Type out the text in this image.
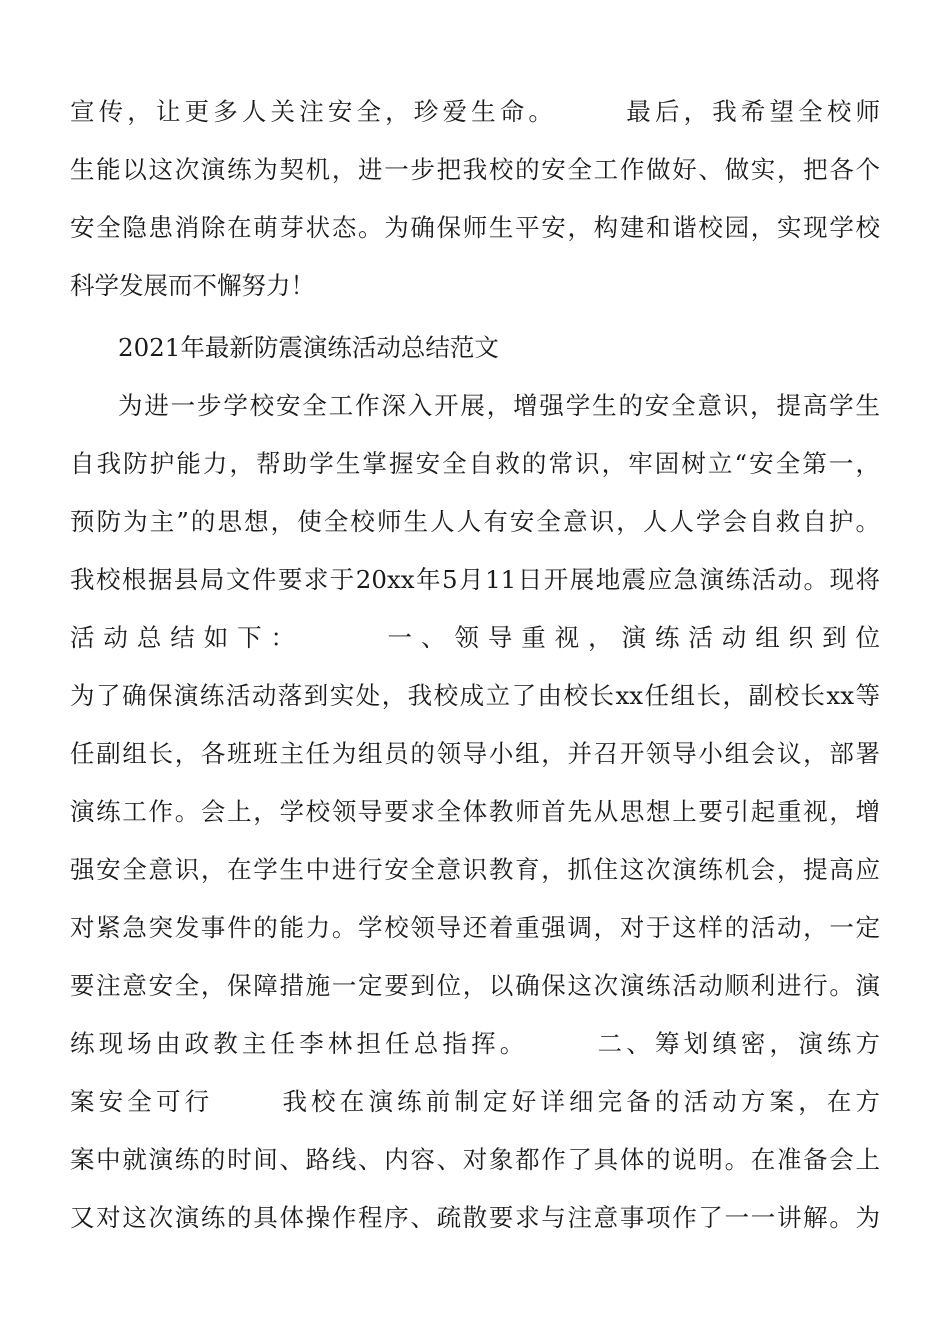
宣传，让更多人关注安全，珍爱生命。 　　最后，我希望全校师
生能以这次演练为契机，进一步把我校的安全工作做好、做实，把各个
安全隐患消除在萌芽状态。为确保师生平安，构建和谐校园，实现学校
科学发展而不懈努力！
2021年最新防震演练活动总结范文
为进一步学校安全工作深入开展，增强学生的安全意识，提高学生
自我防护能力，帮助学生掌握安全自救的常识，牢固树立“安全第一，
预防为主”的思想，使全校师生人人有安全意识，人人学会自救自护。
我校根据县局文件要求于20xx年5月11日开展地震应急演练活动。现将
活动总结如下： 　　一、领导重视，演练活动组织到位
为了确保演练活动落到实处，我校成立了由校长xx任组长，副校长xx等
任副组长，各班班主任为组员的领导小组，并召开领导小组会议，部署
演练工作。会上，学校领导要求全体教师首先从思想上要引起重视，增
强安全意识，在学生中进行安全意识教育，抓住这次演练机会，提高应
对紧急突发事件的能力。学校领导还着重强调，对于这样的活动，一定
要注意安全，保障措施一定要到位，以确保这次演练活动顺利进行。演
练现场由政教主任李林担任总指挥。 　　二、筹划缜密，演练方
案安全可行 　　我校在演练前制定好详细完备的活动方案，在方
案中就演练的时间、路线、内容、对象都作了具体的说明。在准备会上
又对这次演练的具体操作程序、疏散要求与注意事项作了一一讲解。为
